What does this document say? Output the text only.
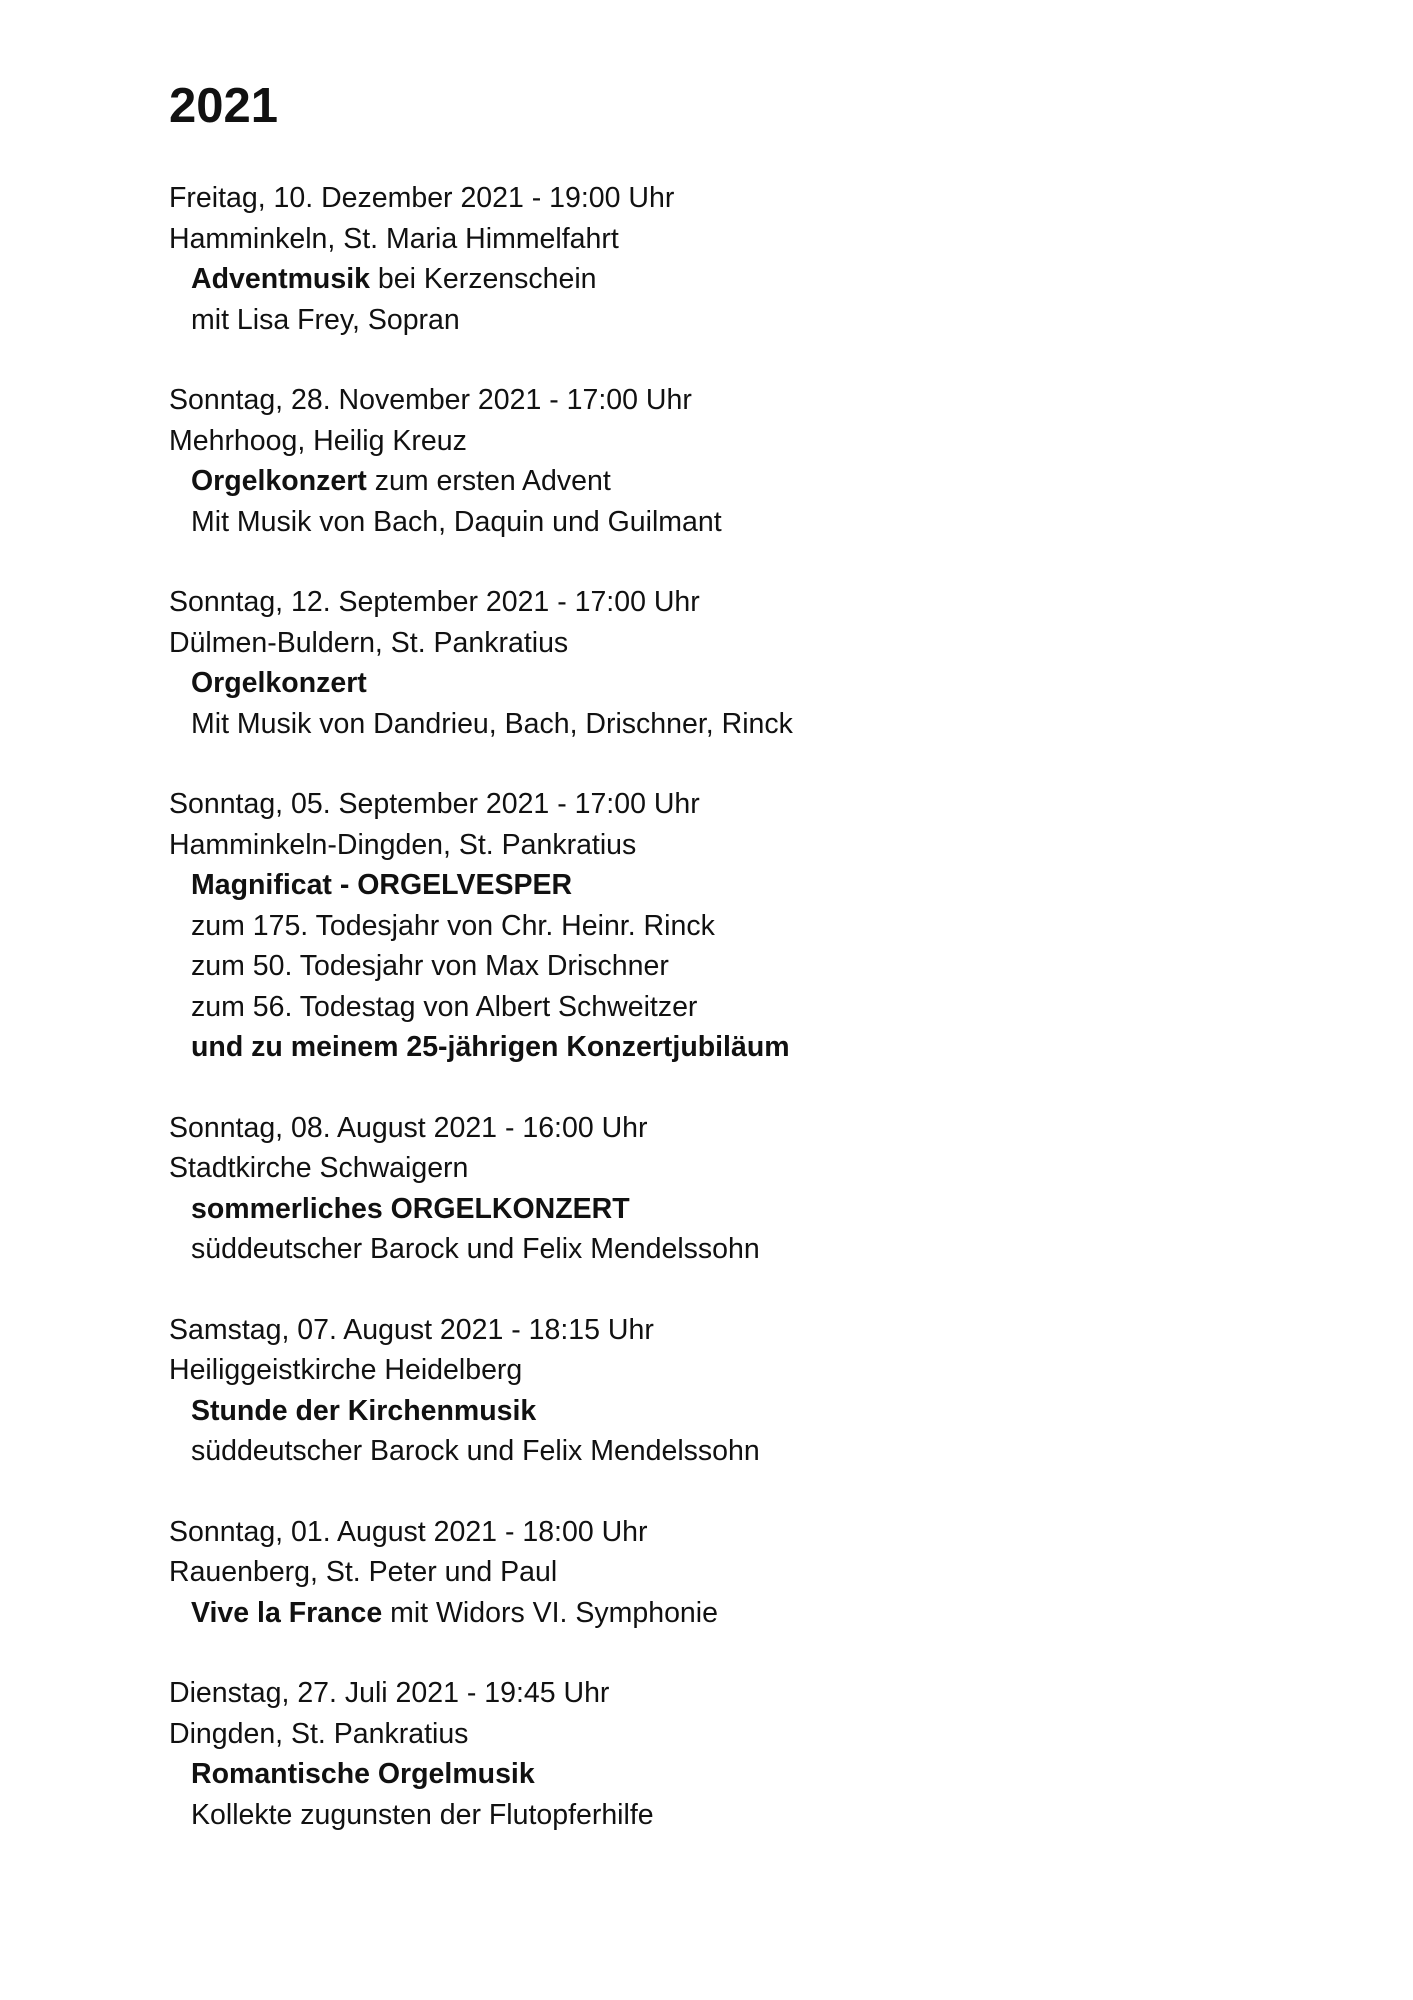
2021
Freitag, 10. Dezember 2021 - 19:00 Uhr
Hamminkeln, St. Maria Himmelfahrt
Adventmusik bei Kerzenschein
mit Lisa Frey, Sopran
Sonntag, 28. November 2021 - 17:00 Uhr
Mehrhoog, Heilig Kreuz
Orgelkonzert zum ersten Advent
Mit Musik von Bach, Daquin und Guilmant
Sonntag, 12. September 2021 - 17:00 Uhr
Dülmen-Buldern, St. Pankratius
Orgelkonzert
Mit Musik von Dandrieu, Bach, Drischner, Rinck
Sonntag, 05. September 2021 - 17:00 Uhr
Hamminkeln-Dingden, St. Pankratius
Magnificat - ORGELVESPER
zum 175. Todesjahr von Chr. Heinr. Rinck
zum 50. Todesjahr von Max Drischner
zum 56. Todestag von Albert Schweitzer
und zu meinem 25-jährigen Konzertjubiläum
Sonntag, 08. August 2021 - 16:00 Uhr
Stadtkirche Schwaigern
sommerliches ORGELKONZERT
süddeutscher Barock und Felix Mendelssohn
Samstag, 07. August 2021 - 18:15 Uhr
Heiliggeistkirche Heidelberg
Stunde der Kirchenmusik
süddeutscher Barock und Felix Mendelssohn
Sonntag, 01. August 2021 - 18:00 Uhr
Rauenberg, St. Peter und Paul
Vive la France mit Widors VI. Symphonie
Dienstag, 27. Juli 2021 - 19:45 Uhr
Dingden, St. Pankratius
Romantische Orgelmusik
Kollekte zugunsten der Flutopferhilfe
